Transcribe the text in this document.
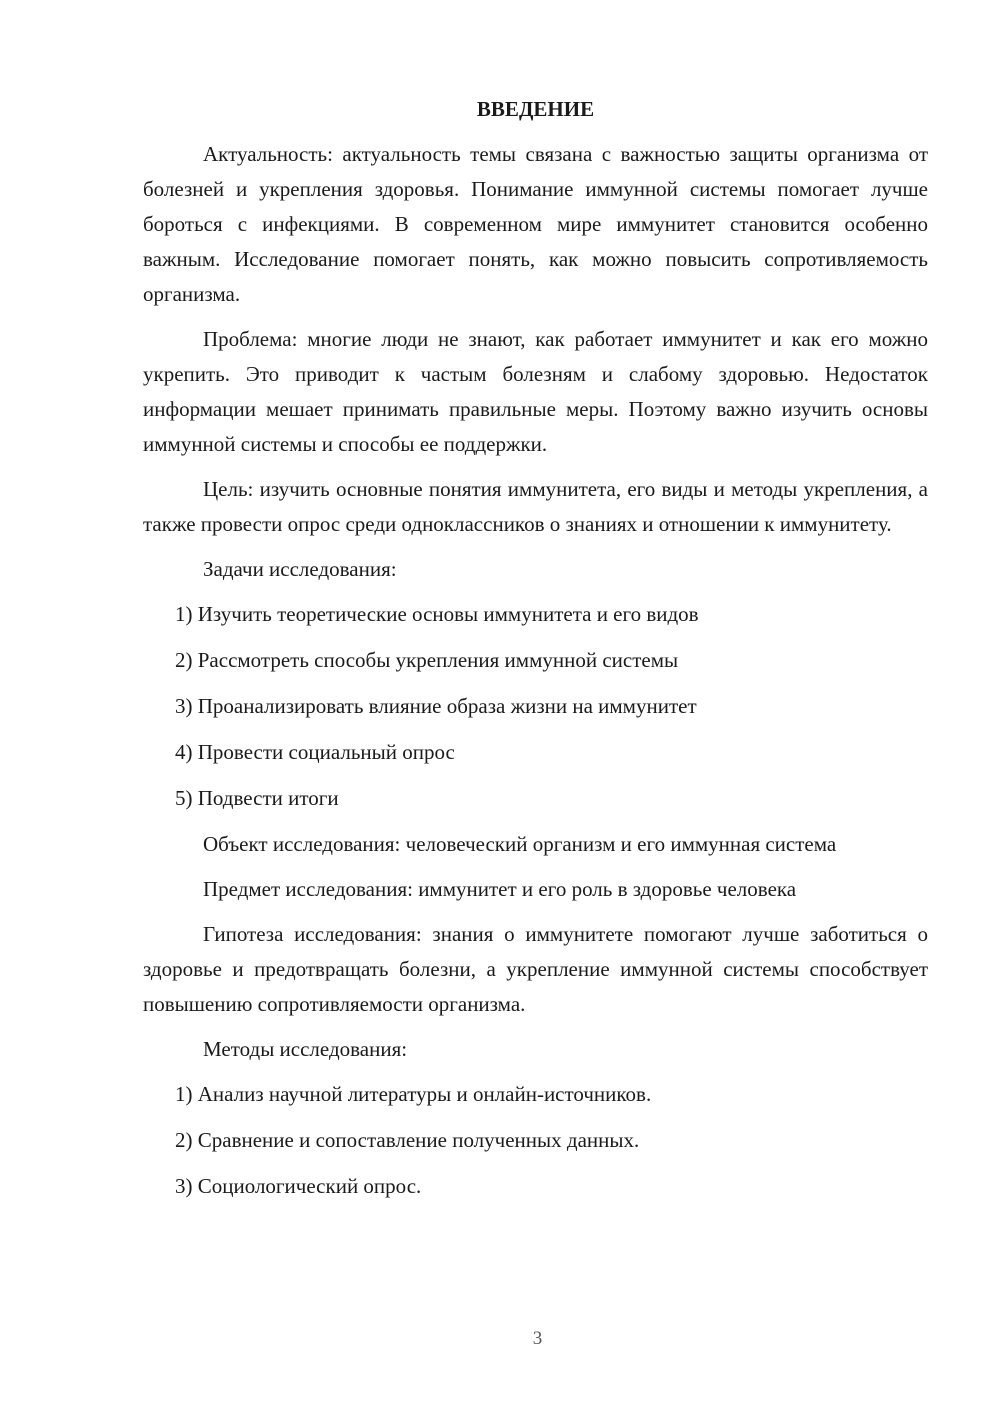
ВВЕДЕНИЕ

Актуальность: актуальность темы связана с важностью защиты организма от болезней и укрепления здоровья. Понимание иммунной системы помогает лучше бороться с инфекциями. В современном мире иммунитет становится особенно важным. Исследование помогает понять, как можно повысить сопротивляемость организма.

Проблема: многие люди не знают, как работает иммунитет и как его можно укрепить. Это приводит к частым болезням и слабому здоровью. Недостаток информации мешает принимать правильные меры. Поэтому важно изучить основы иммунной системы и способы ее поддержки.

Цель: изучить основные понятия иммунитета, его виды и методы укрепления, а также провести опрос среди одноклассников о знаниях и отношении к иммунитету.

Задачи исследования:

1) Изучить теоретические основы иммунитета и его видов
2) Рассмотреть способы укрепления иммунной системы
3) Проанализировать влияние образа жизни на иммунитет
4) Провести социальный опрос
5) Подвести итоги

Объект исследования: человеческий организм и его иммунная система

Предмет исследования: иммунитет и его роль в здоровье человека

Гипотеза исследования: знания о иммунитете помогают лучше заботиться о здоровье и предотвращать болезни, а укрепление иммунной системы способствует повышению сопротивляемости организма.

Методы исследования:

1) Анализ научной литературы и онлайн-источников.
2) Сравнение и сопоставление полученных данных.
3) Социологический опрос.
3
